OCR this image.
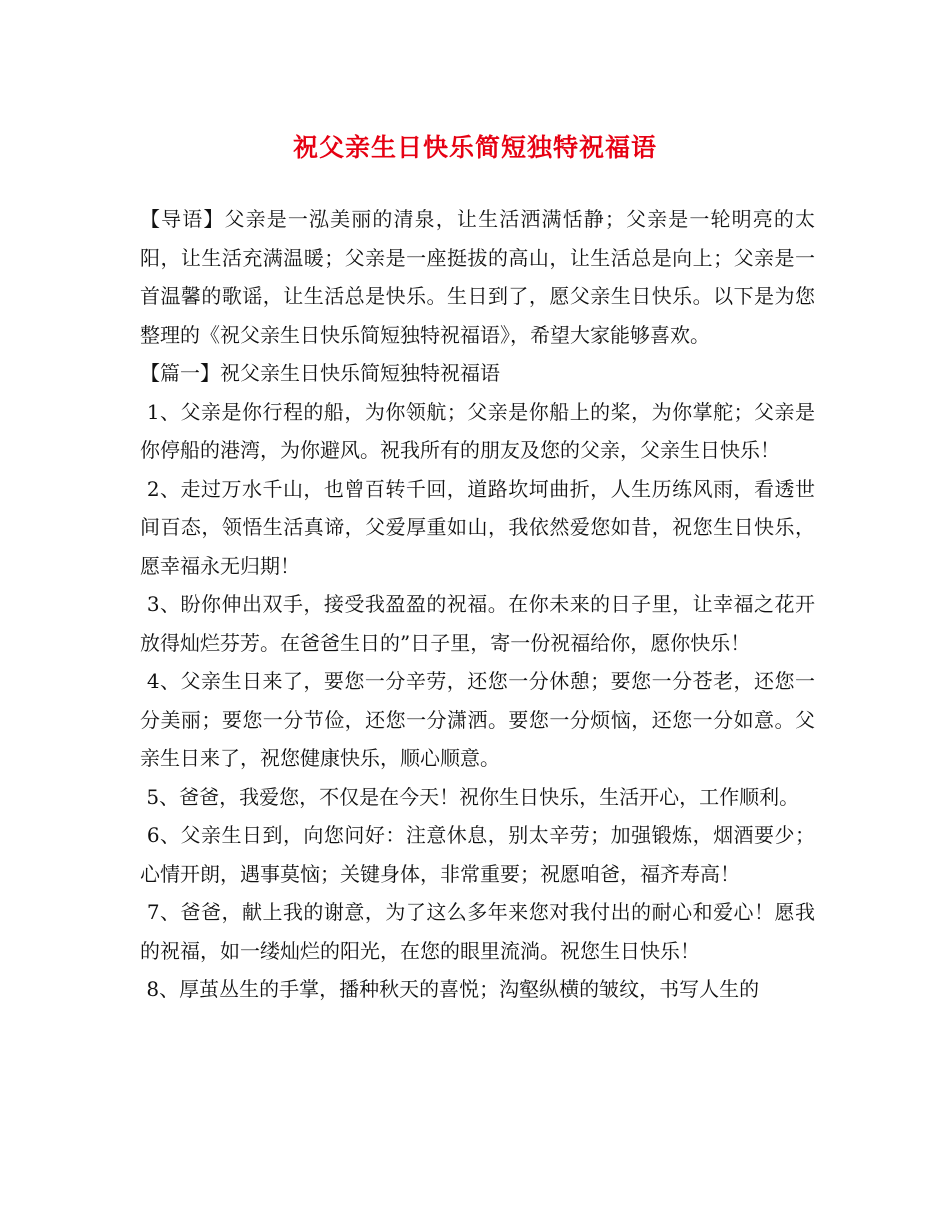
祝父亲生日快乐简短独特祝福语

【导语】父亲是一泓美丽的清泉，让生活洒满恬静；父亲是一轮明亮的太阳，让生活充满温暖；父亲是一座挺拔的高山，让生活总是向上；父亲是一首温馨的歌谣，让生活总是快乐。生日到了，愿父亲生日快乐。以下是为您整理的《祝父亲生日快乐简短独特祝福语》，希望大家能够喜欢。

【篇一】祝父亲生日快乐简短独特祝福语

1、父亲是你行程的船，为你领航；父亲是你船上的桨，为你掌舵；父亲是你停船的港湾，为你避风。祝我所有的朋友及您的父亲，父亲生日快乐！

2、走过万水千山，也曾百转千回，道路坎坷曲折，人生历练风雨，看透世间百态，领悟生活真谛，父爱厚重如山，我依然爱您如昔，祝您生日快乐，愿幸福永无归期！

3、盼你伸出双手，接受我盈盈的祝福。在你未来的日子里，让幸福之花开放得灿烂芬芳。在爸爸生日的”日子里，寄一份祝福给你，愿你快乐！

4、父亲生日来了，要您一分辛劳，还您一分休憩；要您一分苍老，还您一分美丽；要您一分节俭，还您一分潇洒。要您一分烦恼，还您一分如意。父亲生日来了，祝您健康快乐，顺心顺意。

5、爸爸，我爱您，不仅是在今天！祝你生日快乐，生活开心，工作顺利。

6、父亲生日到，向您问好：注意休息，别太辛劳；加强锻炼，烟酒要少；心情开朗，遇事莫恼；关键身体，非常重要；祝愿咱爸，福齐寿高！

7、爸爸，献上我的谢意，为了这么多年来您对我付出的耐心和爱心！愿我的祝福，如一缕灿烂的阳光，在您的眼里流淌。祝您生日快乐！

8、厚茧丛生的手掌，播种秋天的喜悦；沟壑纵横的皱纹，书写人生的
